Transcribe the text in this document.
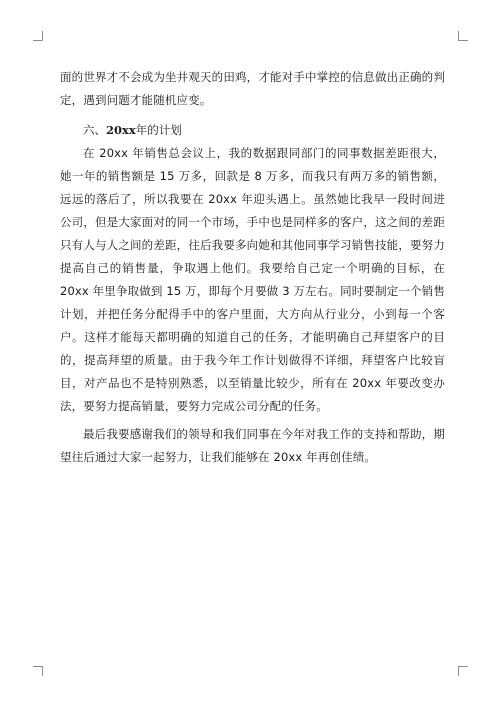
面的世界才不会成为坐井观天的田鸡，才能对手中掌控的信息做出正确的判定，遇到问题才能随机应变。

六、20xx年的计划

在 20xx 年销售总会议上，我的数据跟同部门的同事数据差距很大，她一年的销售额是 15 万多，回款是 8 万多，而我只有两万多的销售额，远远的落后了，所以我要在 20xx 年迎头遇上。虽然她比我早一段时间进公司，但是大家面对的同一个市场，手中也是同样多的客户，这之间的差距只有人与人之间的差距，往后我要多向她和其他同事学习销售技能，要努力提高自己的销售量，争取遇上他们。我要给自己定一个明确的目标，在 20xx 年里争取做到 15 万，即每个月要做 3 万左右。同时要制定一个销售计划，并把任务分配得手中的客户里面，大方向从行业分，小到每一个客户。这样才能每天都明确的知道自己的任务，才能明确自己拜望客户的目的，提高拜望的质量。由于我今年工作计划做得不详细，拜望客户比较盲目，对产品也不是特别熟悉，以至销量比较少，所有在 20xx 年要改变办法，要努力提高销量，要努力完成公司分配的任务。

最后我要感谢我们的领导和我们同事在今年对我工作的支持和帮助，期望往后通过大家一起努力，让我们能够在 20xx 年再创佳绩。
